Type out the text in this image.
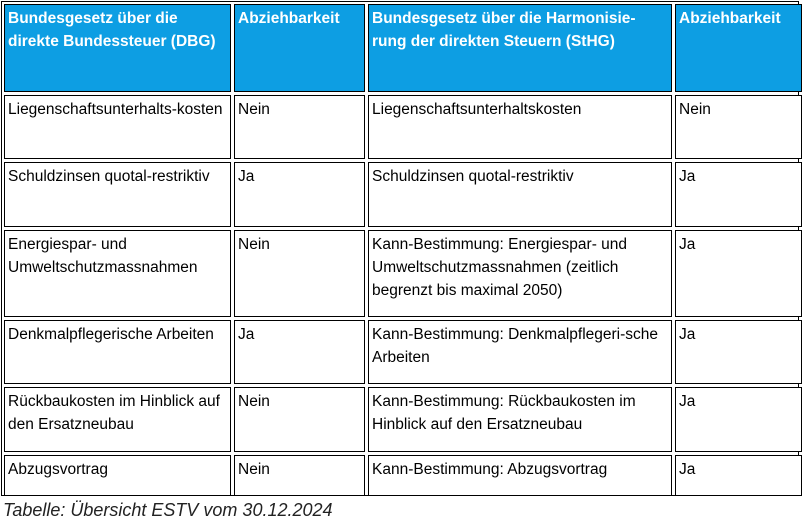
Bundesgesetz über die direkte Bundessteuer (DBG)	Abziehbarkeit	Bundesgesetz über die Harmonisie-rung der direkten Steuern (StHG)	Abziehbarkeit
Liegenschaftsunterhalts-kosten	Nein	Liegenschaftsunterhaltskosten	Nein
Schuldzinsen quotal-restriktiv	Ja	Schuldzinsen quotal-restriktiv	Ja
Energiespar- und Umweltschutzmassnahmen	Nein	Kann-Bestimmung: Energiespar- und Umweltschutzmassnahmen (zeitlich begrenzt bis maximal 2050)	Ja
Denkmalpflegerische Arbeiten	Ja	Kann-Bestimmung: Denkmalpflegeri-sche Arbeiten	Ja
Rückbaukosten im Hinblick auf den Ersatzneubau	Nein	Kann-Bestimmung: Rückbaukosten im Hinblick auf den Ersatzneubau	Ja
Abzugsvortrag	Nein	Kann-Bestimmung: Abzugsvortrag	Ja
Tabelle: Übersicht ESTV vom 30.12.2024
